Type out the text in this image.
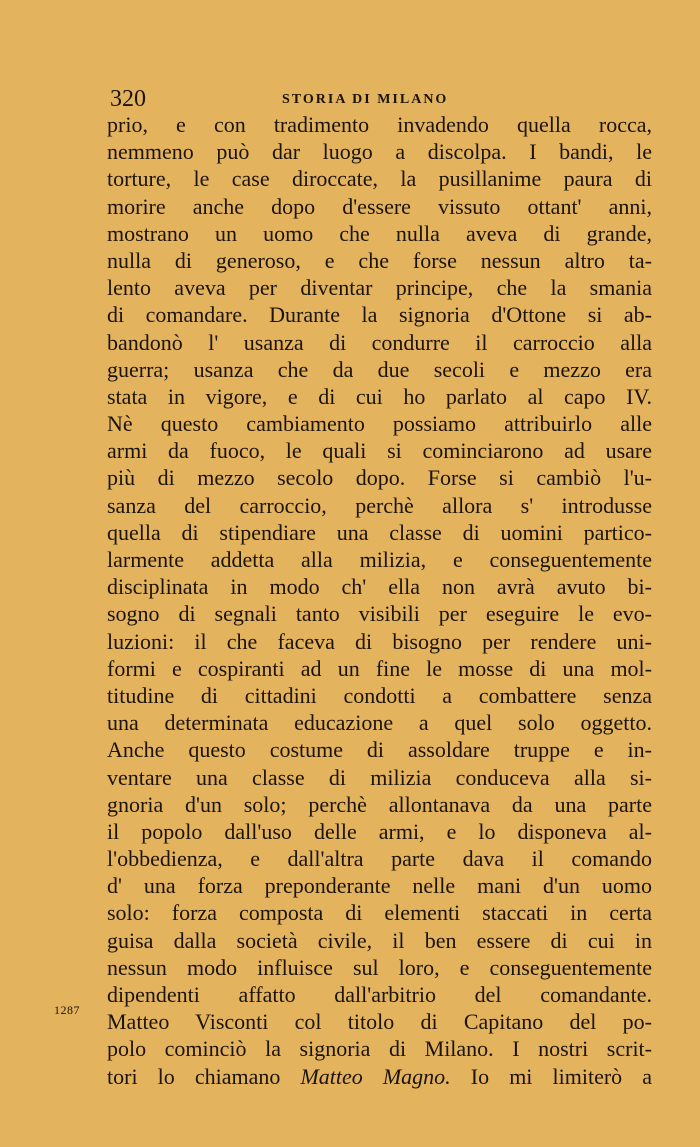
320	STORIA DI MILANO
1287
prio, e con tradimento invadendo quella rocca,
nemmeno può dar luogo a discolpa. I bandi, le
torture, le case diroccate, la pusillanime paura di
morire anche dopo d'essere vissuto ottant' anni,
mostrano un uomo che nulla aveva di grande,
nulla di generoso, e che forse nessun altro ta-
lento aveva per diventar principe, che la smania
di comandare. Durante la signoria d'Ottone si ab-
bandonò l' usanza di condurre il carroccio alla
guerra; usanza che da due secoli e mezzo era
stata in vigore, e di cui ho parlato al capo IV.
Nè questo cambiamento possiamo attribuirlo alle
armi da fuoco, le quali si cominciarono ad usare
più di mezzo secolo dopo. Forse si cambiò l'u-
sanza del carroccio, perchè allora s' introdusse
quella di stipendiare una classe di uomini partico-
larmente addetta alla milizia, e conseguentemente
disciplinata in modo ch' ella non avrà avuto bi-
sogno di segnali tanto visibili per eseguire le evo-
luzioni: il che faceva di bisogno per rendere uni-
formi e cospiranti ad un fine le mosse di una mol-
titudine di cittadini condotti a combattere senza
una determinata educazione a quel solo oggetto.
Anche questo costume di assoldare truppe e in-
ventare una classe di milizia conduceva alla si-
gnoria d'un solo; perchè allontanava da una parte
il popolo dall'uso delle armi, e lo disponeva al-
l'obbedienza, e dall'altra parte dava il comando
d' una forza preponderante nelle mani d'un uomo
solo: forza composta di elementi staccati in certa
guisa dalla società civile, il ben essere di cui in
nessun modo influisce sul loro, e conseguentemente
dipendenti affatto dall'arbitrio del comandante.
Matteo Visconti col titolo di Capitano del po-
polo cominciò la signoria di Milano. I nostri scrit-
tori lo chiamano Matteo Magno. Io mi limiterò a
